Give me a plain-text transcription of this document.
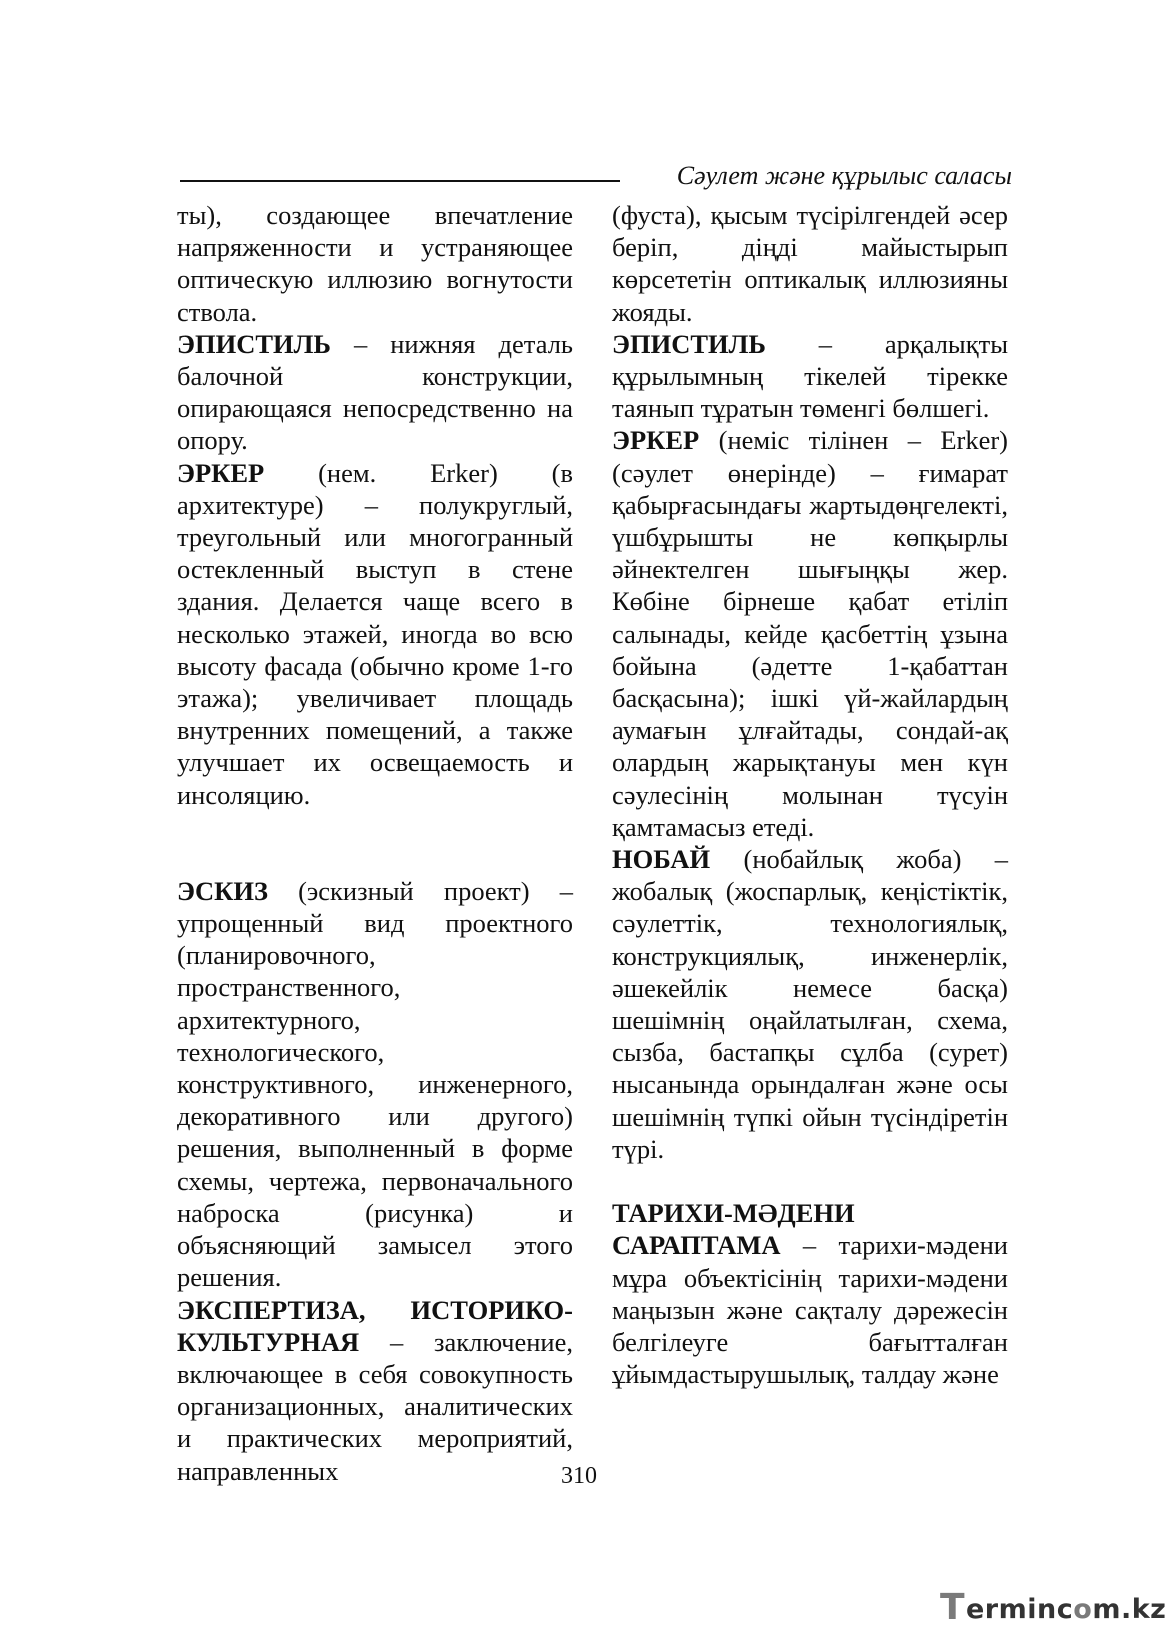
Сәулет және құрылыс саласы

ты), создающее впечатление напряженности и устраняющее оптическую иллюзию вогнутости ствола.

ЭПИСТИЛЬ – нижняя деталь балочной конструкции, опирающаяся непосредственно на опору.

ЭРКЕР (нем. Erker) (в архитектуре) – полукруглый, треугольный или многогранный остекленный выступ в стене здания. Делается чаще всего в несколько этажей, иногда во всю высоту фасада (обычно кроме 1-го этажа); увеличивает площадь внутренних помещений, а также улучшает их освещаемость и инсоляцию.

ЭСКИЗ (эскизный проект) – упрощенный вид проектного (планировочного, пространственного, архитектурного, технологического, конструктивного, инженерного, декоративного или другого) решения, выполненный в форме схемы, чертежа, первоначального наброска (рисунка) и объясняющий замысел этого решения.

ЭКСПЕРТИЗА, ИСТОРИКО-КУЛЬТУРНАЯ – заключение, включающее в себя совокупность организационных, аналитических и практических мероприятий, направленных

(фуста), қысым түсірілгендей әсер беріп, діңді майыстырып көрсететін оптикалық иллюзияны жояды.

ЭПИСТИЛЬ – арқалықты құрылымның тікелей тірекке таянып тұратын төменгі бөлшегі.

ЭРКЕР (неміс тілінен – Erker) (сәулет өнерінде) – ғимарат қабырғасындағы жартыдөңгелекті, үшбұрышты не көпқырлы әйнектелген шығыңқы жер. Көбіне бірнеше қабат етіліп салынады, кейде қасбеттің ұзына бойына (әдетте 1-қабаттан басқасына); ішкі үй-жайлардың аумағын ұлғайтады, сондай-ақ олардың жарықтануы мен күн сәулесінің молынан түсуін қамтамасыз етеді.

НОБАЙ (нобайлық жоба) – жобалық (жоспарлық, кеңістіктік, сәулеттік, технологиялық, конструкциялық, инженерлік, әшекейлік немесе басқа) шешімнің оңайлатылған, схема, сызба, бастапқы сұлба (сурет) нысанында орындалған және осы шешімнің түпкі ойын түсіндіретін түрі.

ТАРИХИ-МӘДЕНИ САРАПТАМА – тарихи-мәдени мұра объектісінің тарихи-мәдени маңызын және сақталу дәрежесін белгілеуге бағытталған ұйымдастырушылық, талдау және

310
T ermincom.kz
